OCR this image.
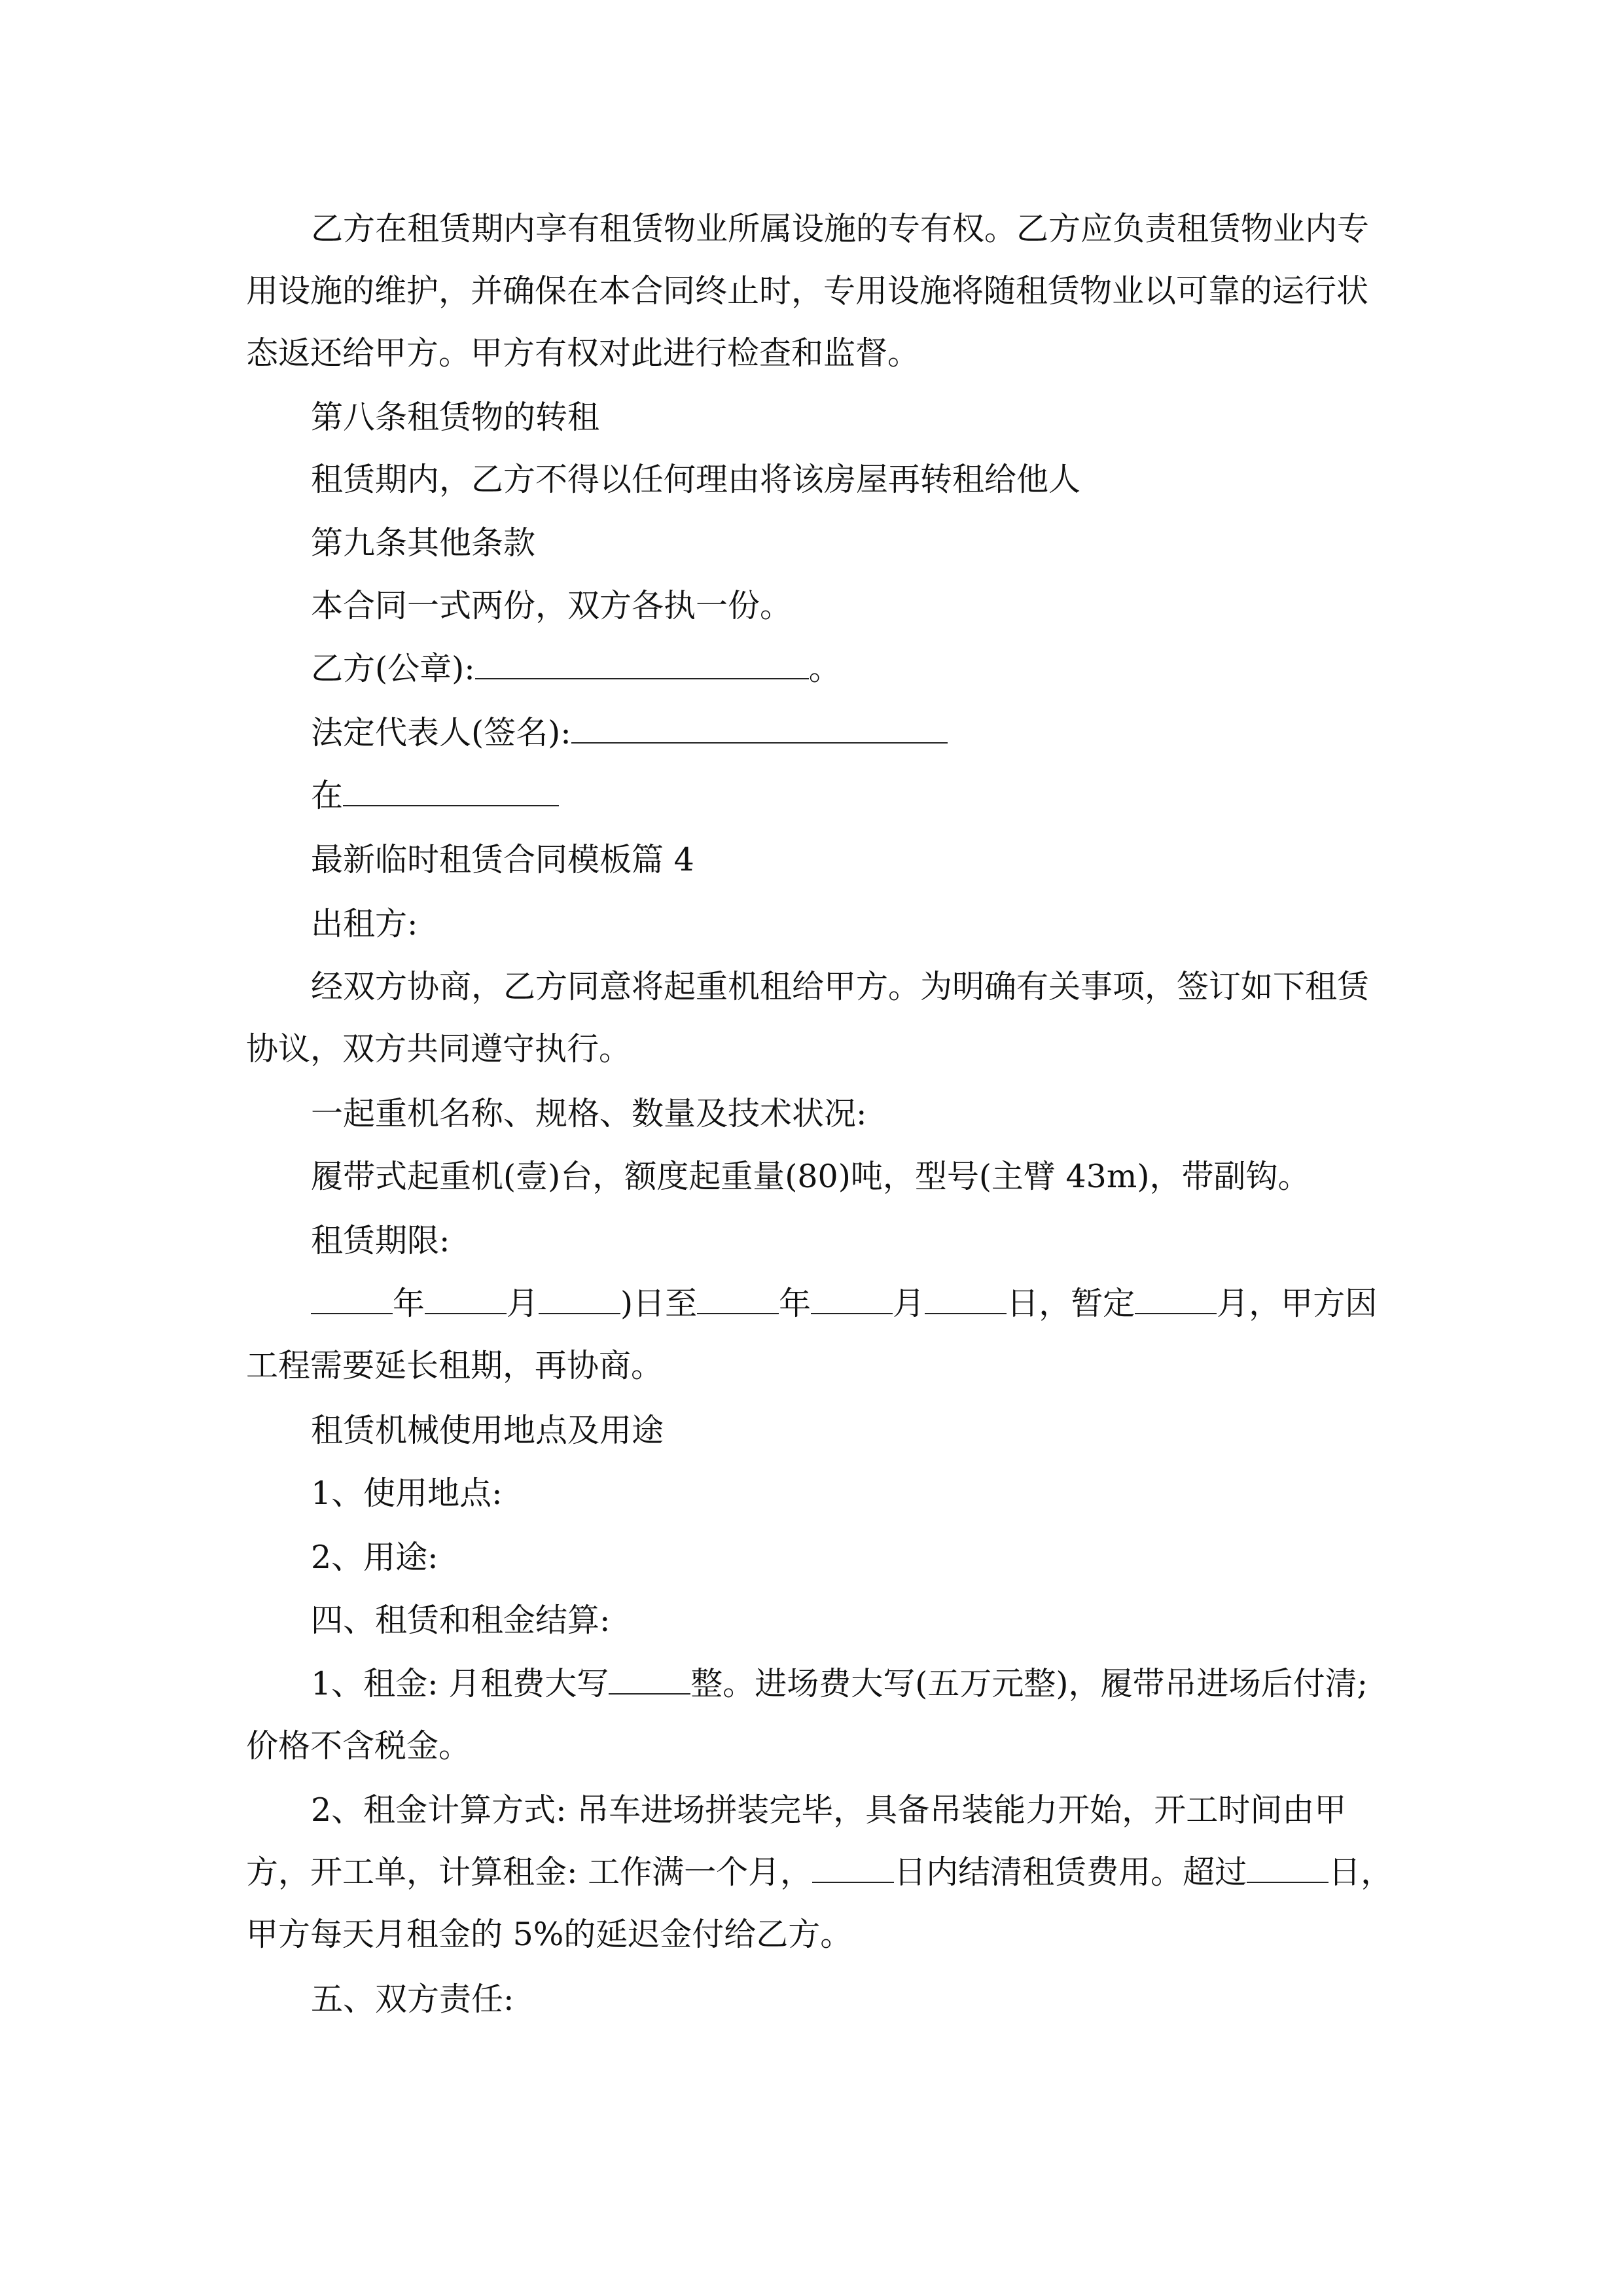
乙方在租赁期内享有租赁物业所属设施的专有权。乙方应负责租赁物业内专
用设施的维护，并确保在本合同终止时，专用设施将随租赁物业以可靠的运行状
态返还给甲方。甲方有权对此进行检查和监督。
第八条租赁物的转租
租赁期内，乙方不得以任何理由将该房屋再转租给他人
第九条其他条款
本合同一式两份，双方各执一份。
乙方(公章):	。
法定代表人(签名):
在
最新临时租赁合同模板篇 4
出租方:
经双方协商，乙方同意将起重机租给甲方。为明确有关事项，签订如下租赁
协议，双方共同遵守执行。
一起重机名称、规格、数量及技术状况:
履带式起重机(壹)台，额度起重量(80)吨，型号(主臂 43m)，带副钩。
租赁期限:
年	月	)日至	年	月	日，暂定	月，甲方因
工程需要延长租期，再协商。
租赁机械使用地点及用途
1、使用地点:
2、用途:
四、租赁和租金结算:
1、租金: 月租费大写	整。进场费大写(五万元整)，履带吊进场后付清;
价格不含税金。
2、租金计算方式: 吊车进场拼装完毕，具备吊装能力开始，开工时间由甲
方，开工单，计算租金: 工作满一个月，	日内结清租赁费用。超过	日，
甲方每天月租金的 5%的延迟金付给乙方。
五、双方责任:
